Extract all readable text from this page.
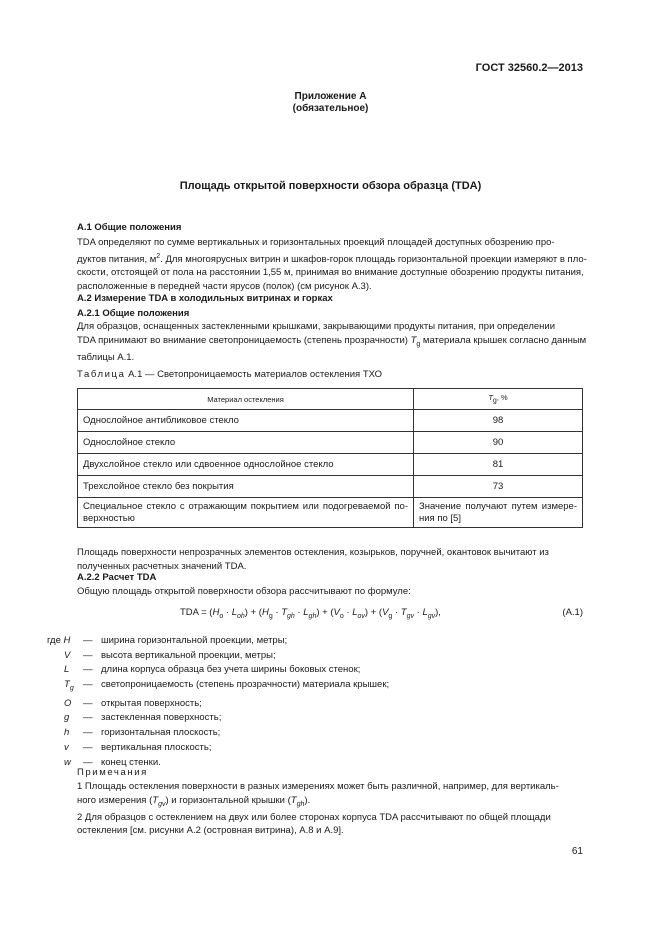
ГОСТ 32560.2—2013
Приложение А
(обязательное)
Площадь открытой поверхности обзора образца (TDA)
А.1 Общие положения
TDA определяют по сумме вертикальных и горизонтальных проекций площадей доступных обозрению про-
дуктов питания, $м^2$. Для многоярусных витрин и шкафов-горок площадь горизонтальной проекции измеряют в пло-
скости, отстоящей от пола на расстоянии 1,55 м, принимая во внимание доступные обозрению продукты питания,
расположенные в передней части ярусов (полок) (см рисунок А.3).
А.2 Измерение TDA в холодильных витринах и горках
А.2.1 Общие положения
Для образцов, оснащенных застекленными крышками, закрывающими продукты питания, при определении
TDA принимают во внимание светопроницаемость (степень прозрачности) $T_g$ материала крышек согласно данным
таблицы А.1.
Таблица А.1 — Светопроницаемость материалов остекления ТХО
Материал остекления	$T_g$, %
Однослойное антибликовое стекло	98
Однослойное стекло	90
Двухслойное стекло или сдвоенное однослойное стекло	81
Трехслойное стекло без покрытия	73
Специальное стекло с отражающим покрытием или подогреваемой по-верхностью	Значение получают путем измере-ния по [5]
Площадь поверхности непрозрачных элементов остекления, козырьков, поручней, окантовок вычитают из
полученных расчетных значений TDA.
А.2.2 Расчет TDA
Общую площадь открытой поверхности обзора рассчитывают по формуле:
TDA = $(H_o \cdot L_{oh}) + (H_g \cdot T_{gh} \cdot L_{gh}) + (V_o \cdot L_{ov}) + (V_g \cdot T_{gv} \cdot L_{gv})$,	(А.1)
где H	— ширина горизонтальной проекции, метры;
V	— высота вертикальной проекции, метры;
L	— длина корпуса образца без учета ширины боковых стенок;
$T_g$ — светопроницаемость (степень прозрачности) материала крышек;
O	— открытая поверхность;
g	— застекленная поверхность;
h	— горизонтальная плоскость;
v	— вертикальная плоскость;
w	— конец стенки.
Примечания
1 Площадь остекления поверхности в разных измерениях может быть различной, например, для вертикаль-
ного измерения $(T_{gv})$ и горизонтальной крышки $(T_{gh})$.
2 Для образцов с остеклением на двух или более сторонах корпуса TDA рассчитывают по общей площади
остекления [см. рисунки А.2 (островная витрина), А.8 и А.9].
61
